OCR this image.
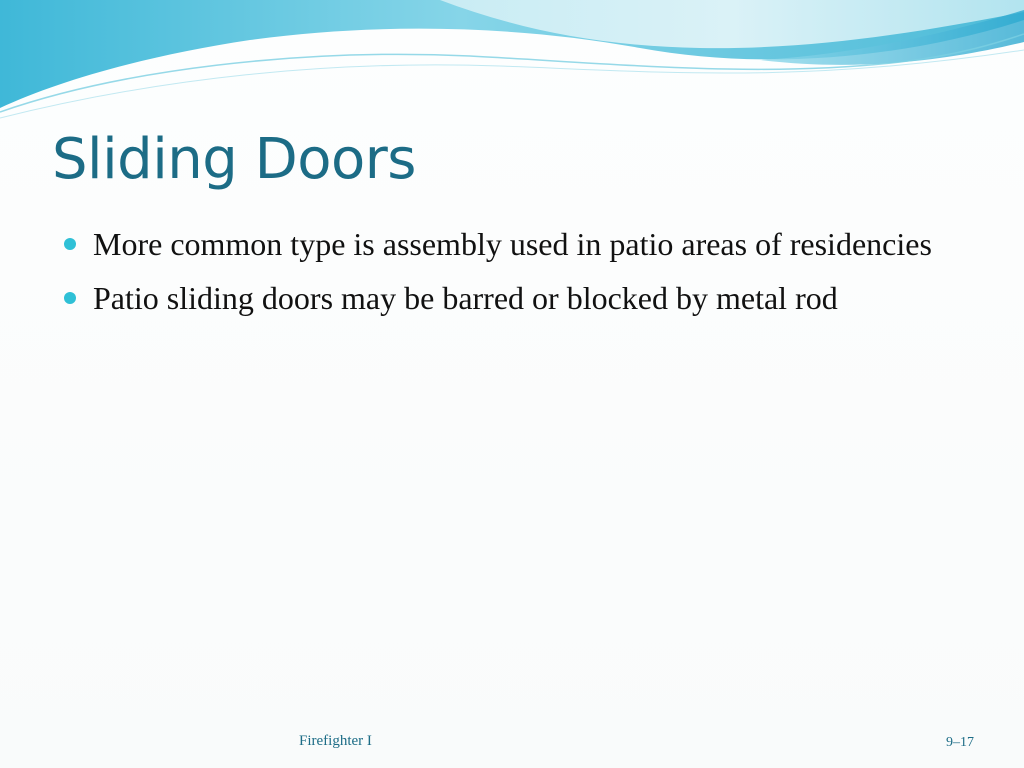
Sliding Doors
More common type is assembly used in patio areas of residencies
Patio sliding doors may be barred or blocked by metal rod
Firefighter I	9–17
